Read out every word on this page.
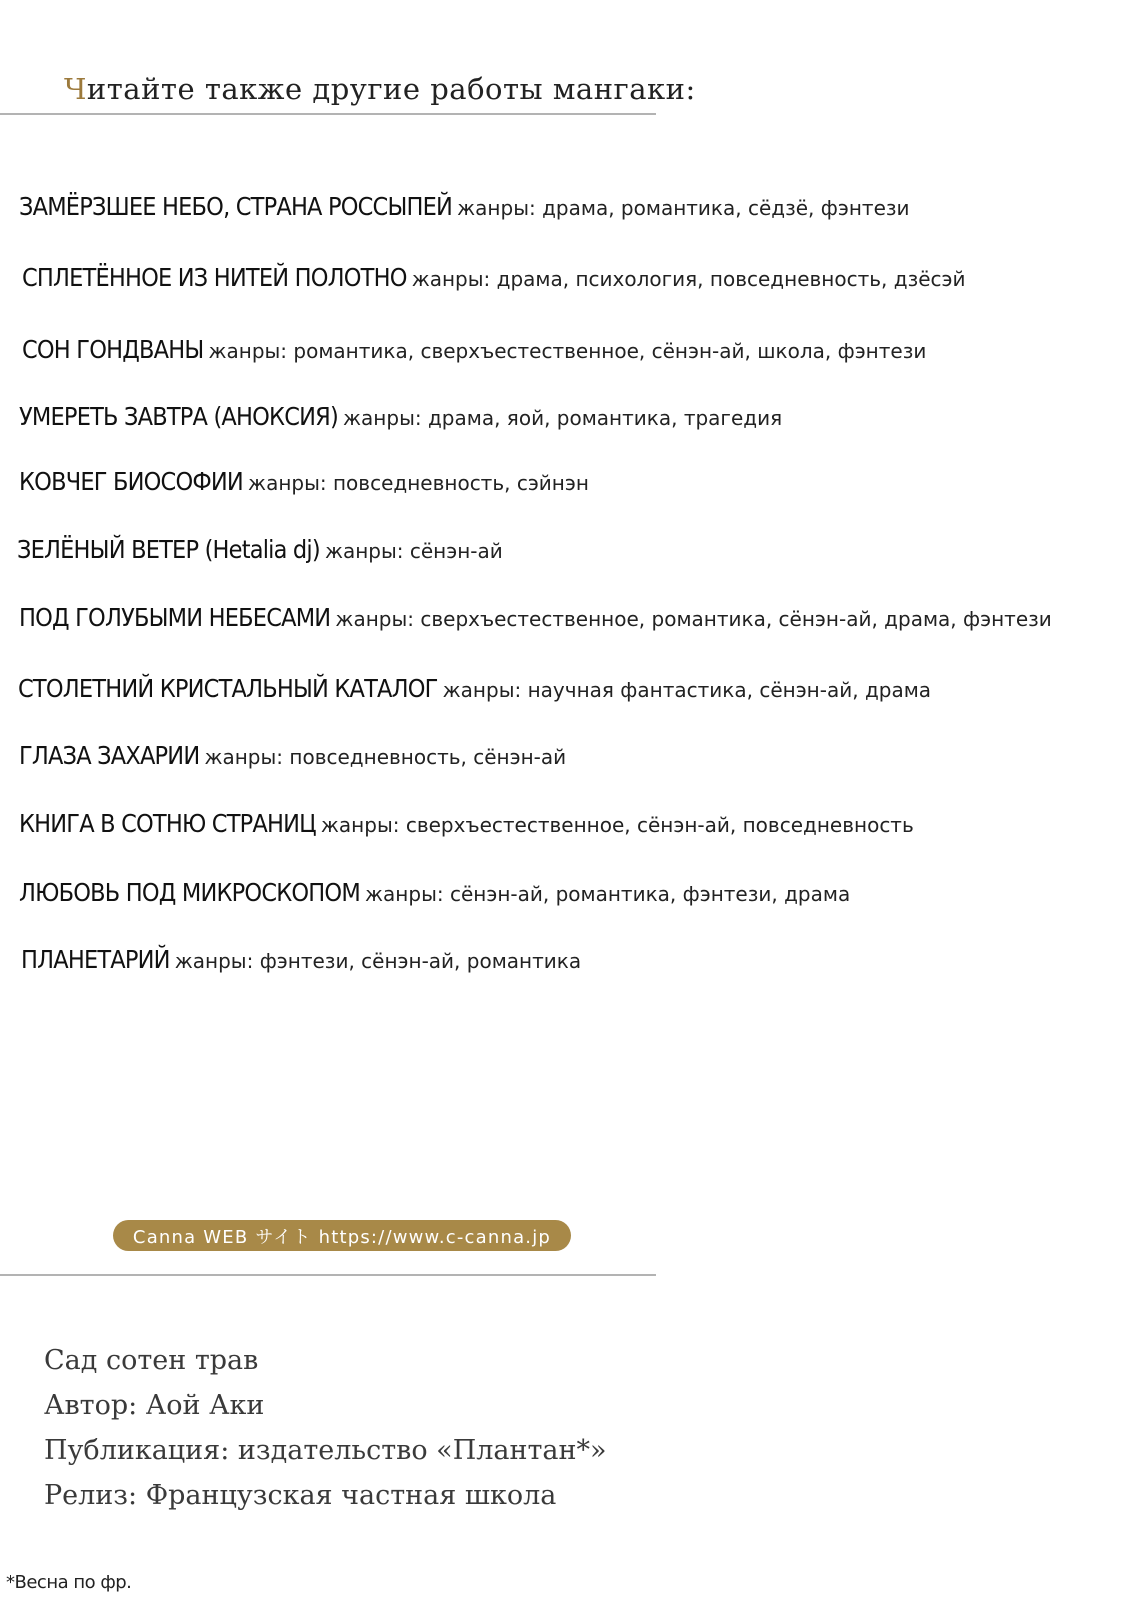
Читайте также другие работы мангаки:
ЗАМЁРЗШЕЕ НЕБО, СТРАНА РОССЫПЕЙ жанры: драма, романтика, сёдзё, фэнтези
СПЛЕТЁННОЕ ИЗ НИТЕЙ ПОЛОТНО жанры: драма, психология, повседневность, дзёсэй
СОН ГОНДВАНЫ жанры: романтика, сверхъестественное, сёнэн-ай, школа, фэнтези
УМЕРЕТЬ ЗАВТРА (АНОКСИЯ) жанры: драма, яой, романтика, трагедия
КОВЧЕГ БИОСОФИИ жанры: повседневность, сэйнэн
ЗЕЛЁНЫЙ ВЕТЕР (Hetalia dj) жанры: сёнэн-ай
ПОД ГОЛУБЫМИ НЕБЕСАМИ жанры: сверхъестественное, романтика, сёнэн-ай, драма, фэнтези
СТОЛЕТНИЙ КРИСТАЛЬНЫЙ КАТАЛОГ жанры: научная фантастика, сёнэн-ай, драма
ГЛАЗА ЗАХАРИИ жанры: повседневность, сёнэн-ай
КНИГА В СОТНЮ СТРАНИЦ жанры: сверхъестественное, сёнэн-ай, повседневность
ЛЮБОВЬ ПОД МИКРОСКОПОМ жанры: сёнэн-ай, романтика, фэнтези, драма
ПЛАНЕТАРИЙ жанры: фэнтези, сёнэн-ай, романтика
Canna WEB サイト https://www.c-canna.jp
Сад сотен трав
Автор: Аой Аки
Публикация: издательство «Плантан*»
Релиз: Французская частная школа
*Весна по фр.
